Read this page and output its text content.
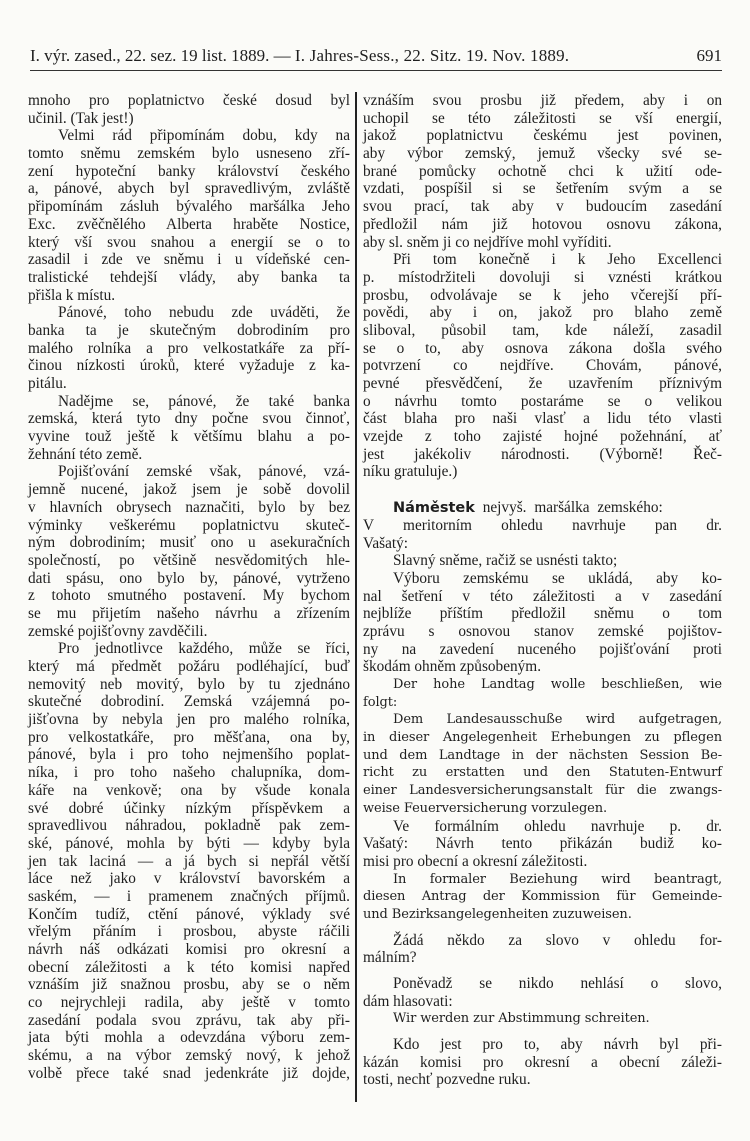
I. výr. zased., 22. sez. 19 list. 1889. — I. Jahres-Sess., 22. Sitz. 19. Nov. 1889.	691
mnoho pro poplatnictvo české dosud byl
učinil. (Tak jest!)
Velmi rád připomínám dobu, kdy na
tomto sněmu zemském bylo usneseno zří-
zení hypoteční banky království českého
a, pánové, abych byl spravedlivým, zvláště
připomínám zásluh bývalého maršálka Jeho
Exc. zvěčnělého Alberta hraběte Nostice,
který vší svou snahou a energií se o to
zasadil i zde ve sněmu i u vídeňské cen-
tralistické tehdejší vlády, aby banka ta
přišla k místu.
Pánové, toho nebudu zde uváděti, že
banka ta je skutečným dobrodiním pro
malého rolníka a pro velkostatkáře za pří-
činou nízkosti úroků, které vyžaduje z ka-
pitálu.
Nadějme se, pánové, že také banka
zemská, která tyto dny počne svou činnoť,
vyvine touž ještě k většímu blahu a po-
žehnání této země.
Pojišťování zemské však, pánové, vzá-
jemně nucené, jakož jsem je sobě dovolil
v hlavních obrysech naznačiti, bylo by bez
výminky veškerému poplatnictvu skuteč-
ným dobrodiním; musiť ono u asekuračních
společností, po většině nesvědomitých hle-
dati spásu, ono bylo by, pánové, vytrženo
z tohoto smutného postavení. My bychom
se mu přijetím našeho návrhu a zřízením
zemské pojišťovny zavděčili.
Pro jednotlivce každého, může se říci,
který má předmět požáru podléhající, buď
nemovitý neb movitý, bylo by tu zjednáno
skutečné dobrodiní. Zemská vzájemná po-
jišťovna by nebyla jen pro malého rolníka,
pro velkostatkáře, pro měšťana, ona by,
pánové, byla i pro toho nejmenšího poplat-
níka, i pro toho našeho chalupníka, dom-
káře na venkově; ona by všude konala
své dobré účinky nízkým příspěvkem a
spravedlivou náhradou, pokladně pak zem-
ské, pánové, mohla by býti — kdyby byla
jen tak laciná — a já bych si nepřál větší
láce než jako v království bavorském a
saském, — i pramenem značných příjmů.
Končím tudíž, ctění pánové, výklady své
vřelým přáním i prosbou, abyste ráčili
návrh náš odkázati komisi pro okresní a
obecní záležitosti a k této komisi napřed
vznáším již snažnou prosbu, aby se o něm
co nejrychleji radila, aby ještě v tomto
zasedání podala svou zprávu, tak aby při-
jata býti mohla a odevzdána výboru zem-
skému, a na výbor zemský nový, k jehož
volbě přece také snad jedenkráte již dojde,
vznáším svou prosbu již předem, aby i on
uchopil se této záležitosti se vší energií,
jakož poplatnictvu českému jest povinen,
aby výbor zemský, jemuž všecky své se-
brané pomůcky ochotně chci k užití ode-
vzdati, pospíšil si se šetřením svým a se
svou prací, tak aby v budoucím zasedání
předložil nám již hotovou osnovu zákona,
aby sl. sněm ji co nejdříve mohl vyříditi.
Při tom konečně i k Jeho Excellenci
p. místodržiteli dovoluji si vznésti krátkou
prosbu, odvolávaje se k jeho včerejší pří-
povědi, aby i on, jakož pro blaho země
sliboval, působil tam, kde náleží, zasadil
se o to, aby osnova zákona došla svého
potvrzení co nejdříve. Chovám, pánové,
pevné přesvědčení, že uzavřením příznivým
o návrhu tomto postaráme se o velikou
část blaha pro naši vlasť a lidu této vlasti
vzejde z toho zajisté hojné požehnání, ať
jest jakékoliv národnosti. (Výborně! Řeč-
níku gratuluje.)
Náměstek nejvyš. maršálka zemského:
V meritorním ohledu navrhuje pan dr.
Vašatý:
Slavný sněme, račiž se usnésti takto;
Výboru zemskému se ukládá, aby ko-
nal šetření v této záležitosti a v zasedání
nejblíže příštím předložil sněmu o tom
zprávu s osnovou stanov zemské pojištov-
ny na zavedení nuceného pojišťování proti
škodám ohněm způsobeným.
Der hohe Landtag wolle beschließen, wie
folgt:
Dem Landesausschuße wird aufgetragen,
in dieser Angelegenheit Erhebungen zu pflegen
und dem Landtage in der nächsten Session Be-
richt zu erstatten und den Statuten-Entwurf
einer Landesversicherungsanstalt für die zwangs-
weise Feuerversicherung vorzulegen.
Ve formálním ohledu navrhuje p. dr.
Vašatý: Návrh tento přikázán budiž ko-
misi pro obecní a okresní záležitosti.
In formaler Beziehung wird beantragt,
diesen Antrag der Kommission für Gemeinde-
und Bezirksangelegenheiten zuzuweisen.
Žádá někdo za slovo v ohledu for-
málním?
Poněvadž se nikdo nehlásí o slovo,
dám hlasovati:
Wir werden zur Abstimmung schreiten.
Kdo jest pro to, aby návrh byl při-
kázán komisi pro okresní a obecní záleži-
tosti, nechť pozvedne ruku.
